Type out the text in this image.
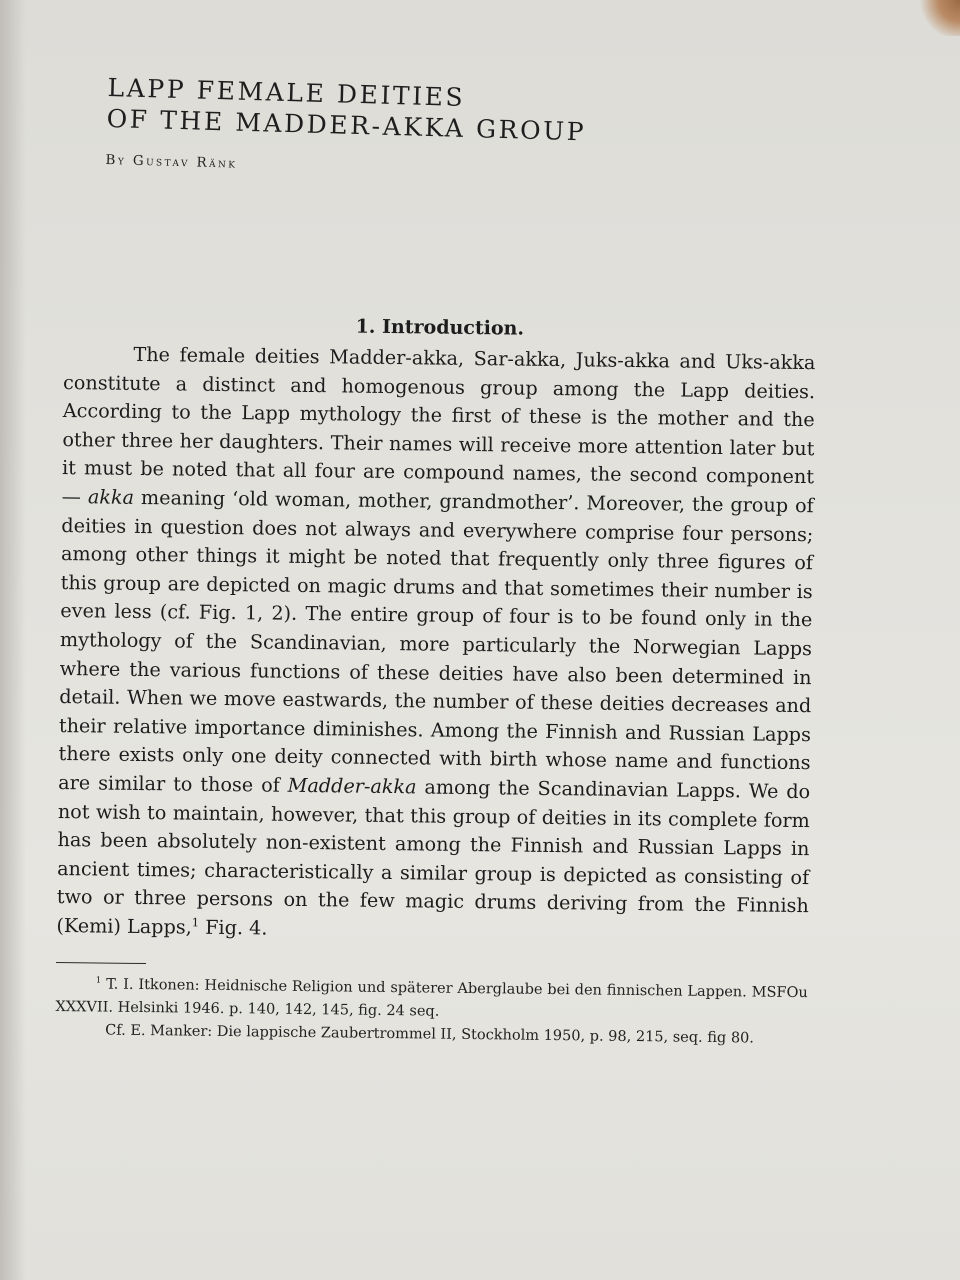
LAPP FEMALE DEITIES
OF THE MADDER-AKKA GROUP
By Gustav Ränk
1. Introduction.

The female deities Madder-akka, Sar-akka, Juks-akka and Uks-akka constitute a distinct and homogenous group among the Lapp deities. According to the Lapp mythology the first of these is the mother and the other three her daughters. Their names will receive more attention later but it must be noted that all four are compound names, the second component — akka meaning ‘old woman, mother, grandmother’. Moreover, the group of deities in question does not always and everywhere comprise four persons; among other things it might be noted that frequently only three figures of this group are depicted on magic drums and that sometimes their number is even less (cf. Fig. 1, 2). The entire group of four is to be found only in the mythology of the Scandinavian, more particularly the Norwegian Lapps where the various functions of these deities have also been determined in detail. When we move eastwards, the number of these deities decreases and their relative importance diminishes. Among the Finnish and Russian Lapps there exists only one deity connected with birth whose name and functions are similar to those of Madder-akka among the Scandinavian Lapps. We do not wish to maintain, however, that this group of deities in its complete form has been absolutely non-existent among the Finnish and Russian Lapps in ancient times; characteristically a similar group is depicted as consisting of two or three persons on the few magic drums deriving from the Finnish (Kemi) Lapps,$^1$ Fig. 4.

$^1$ T. I. Itkonen: Heidnische Religion und späterer Aberglaube bei den finnischen Lappen. MSFOu XXXVII. Helsinki 1946. p. 140, 142, 145, fig. 24 seq.

Cf. E. Manker: Die lappische Zaubertrommel II, Stockholm 1950, p. 98, 215, seq. fig 80.
